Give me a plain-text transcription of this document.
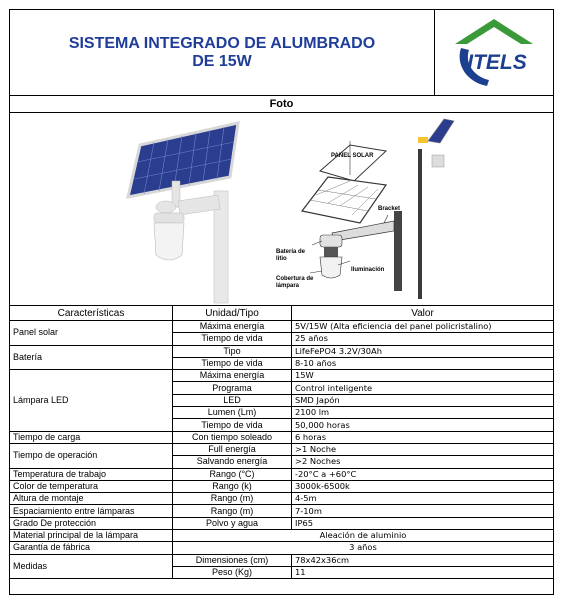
SISTEMA INTEGRADO DE ALUMBRADO
DE 15W	ITELS
Foto
PANEL SOLAR
Bracket
Batería de litio
Iluminación
Cobertura de lámpara
Características	Unidad/Tipo	Valor
Panel solar	Máxima energía	5V/15W (Alta eficiencia del panel policristalino)
	Tiempo de vida	25 años
Batería	Tipo	LifeFePO4 3.2V/30Ah
	Tiempo de vida	8-10 años
Lámpara LED	Máxima energía	15W
	Programa	Control inteligente
	LED	SMD Japón
	Lumen (Lm)	2100 lm
	Tiempo de vida	50,000 horas
Tiempo de carga	Con tiempo soleado	6 horas
Tiempo de operación	Full energía	>1 Noche
	Salvando energía	>2 Noches
Temperatura de trabajo	Rango (°C)	-20°C a +60°C
Color de temperatura	Rango (k)	3000k-6500k
Altura de montaje	Rango (m)	4-5m
Espaciamiento entre lámparas	Rango (m)	7-10m
Grado De protección	Polvo y agua	IP65
Material principal de la lámpara	Aleación de aluminio	
Garantía de fábrica	3 años	
Medidas	Dimensiones (cm)	78x42x36cm
	Peso (Kg)	11
